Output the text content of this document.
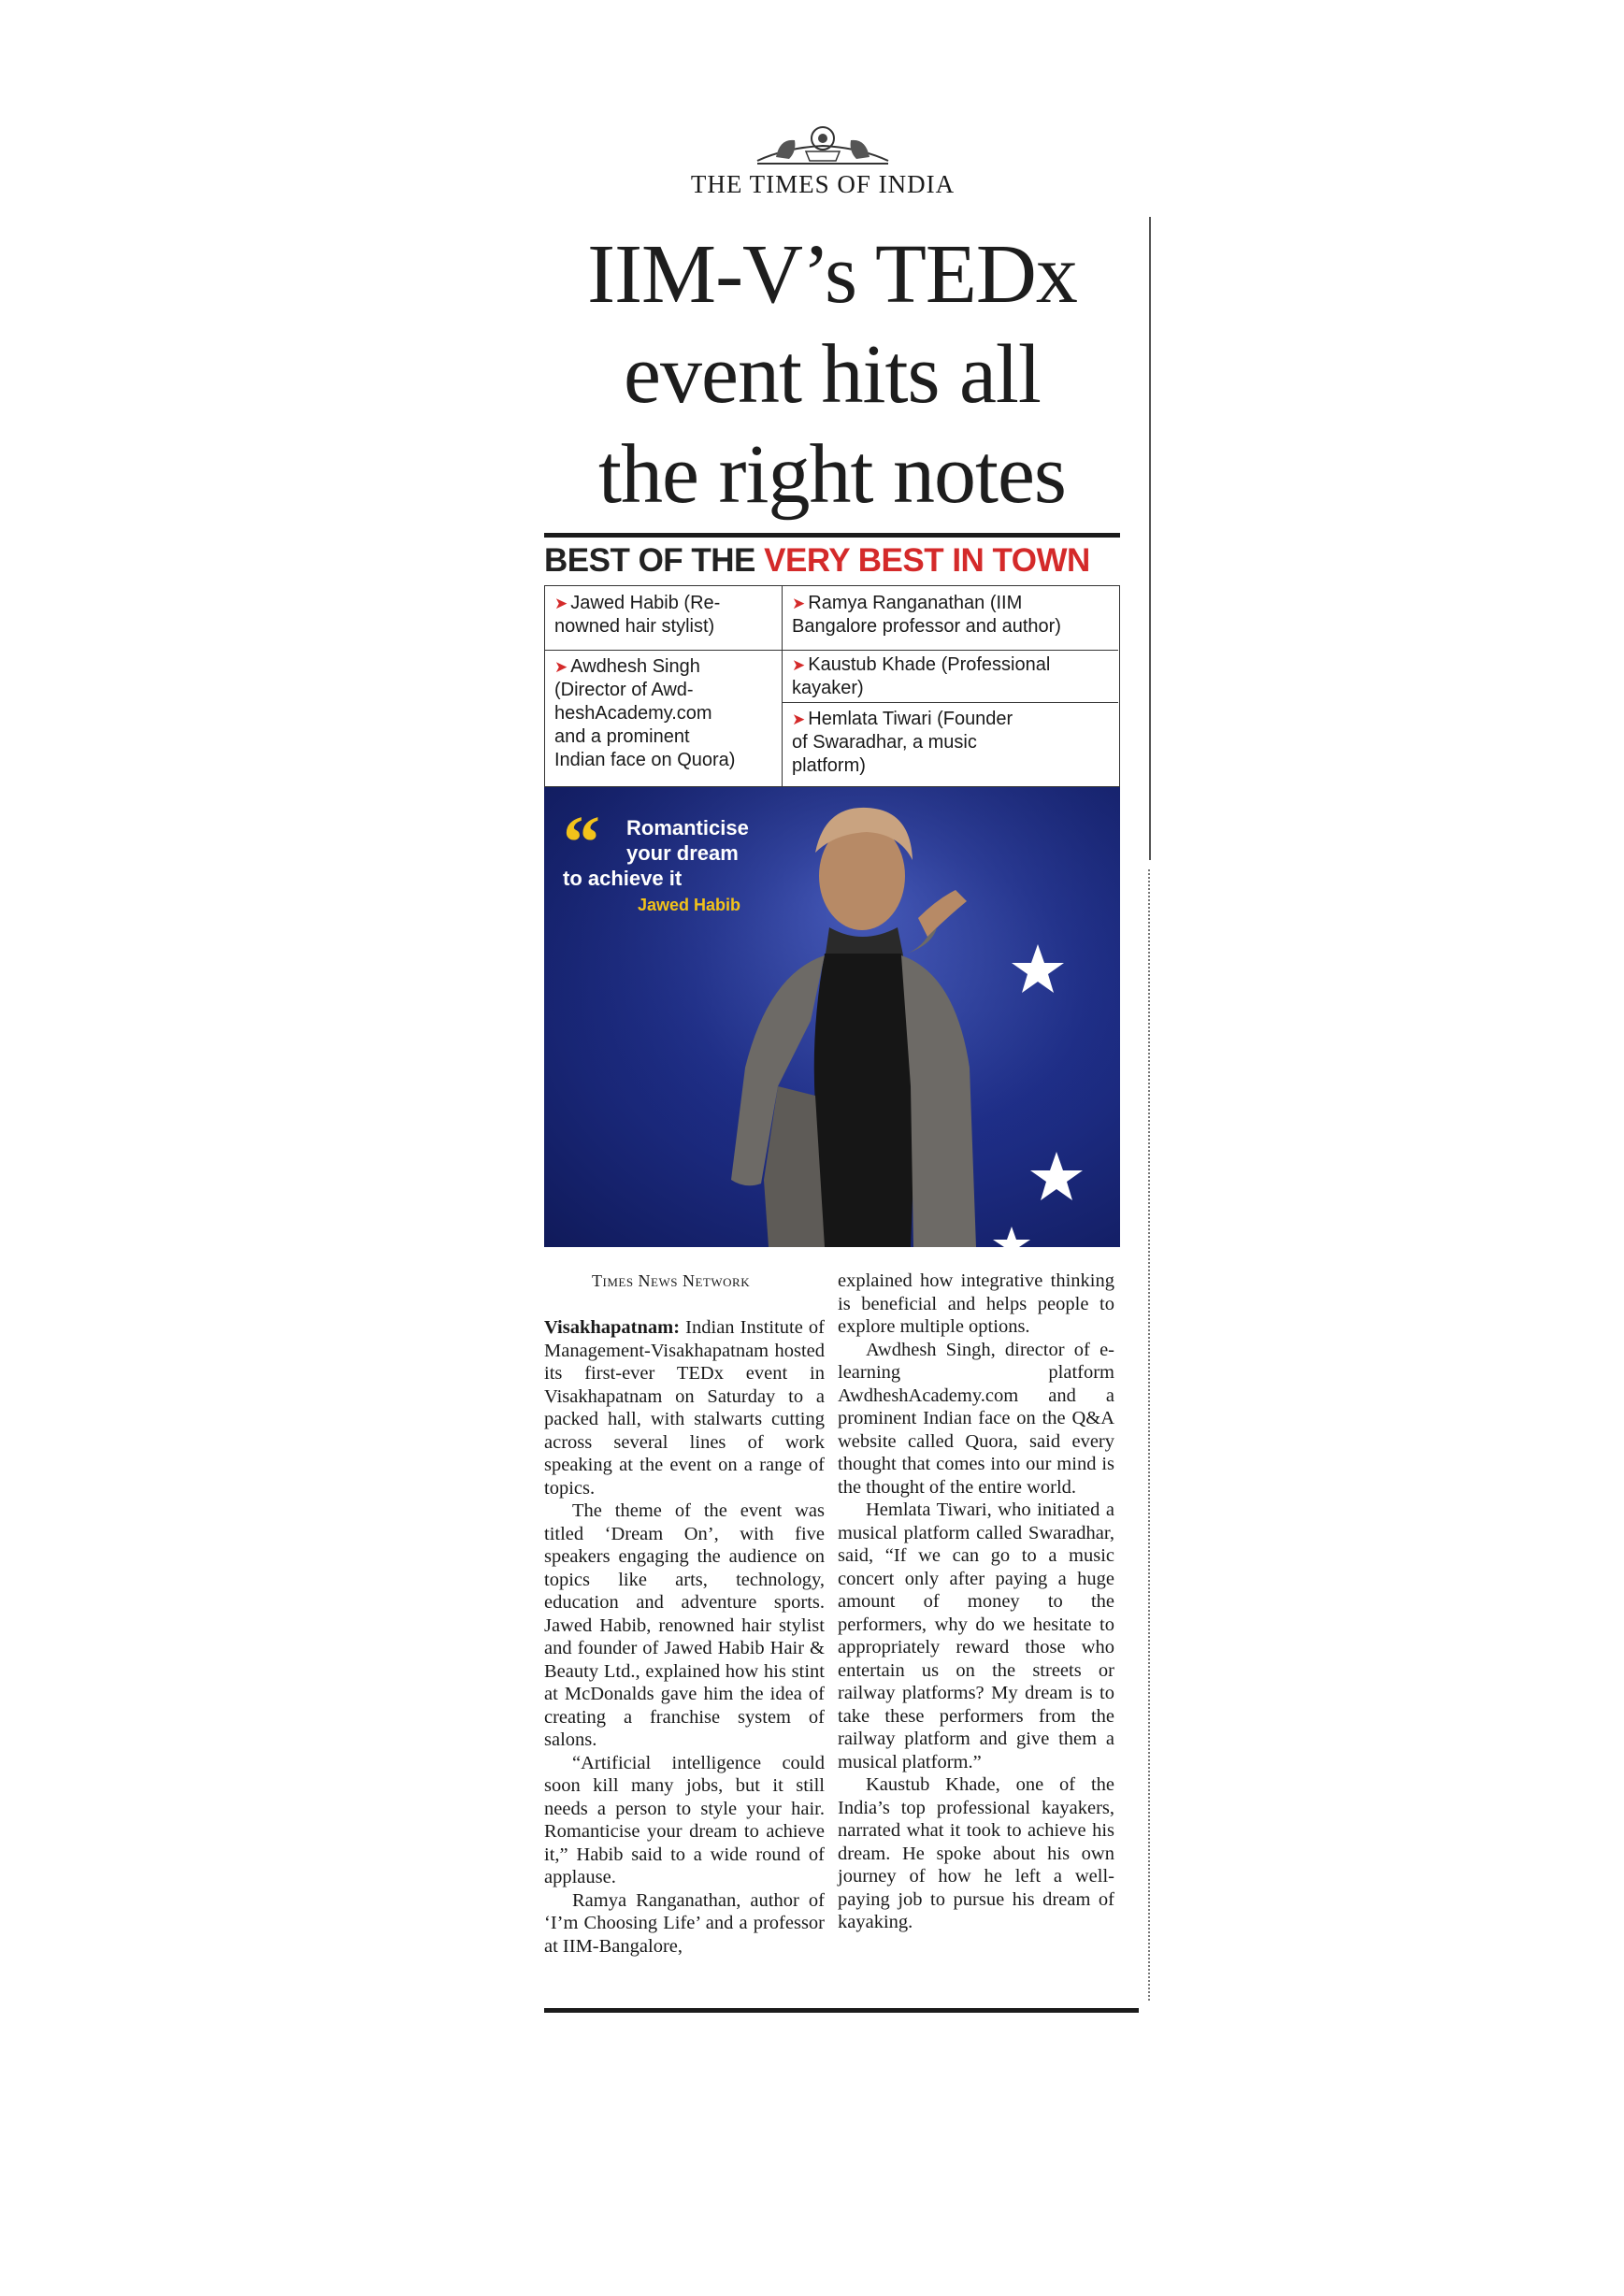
THE TIMES OF INDIA
IIM-V’s TEDx
event hits all
the right notes
BEST OF THE VERY BEST IN TOWN
➤ Jawed Habib (Re-
nowned hair stylist)
➤ Awdhesh Singh
(Director of Awd-
heshAcademy.com
and a prominent
Indian face on Quora)
➤ Ramya Ranganathan (IIM
Bangalore professor and author)
➤ Kaustub Khade (Professional
kayaker)
➤ Hemlata Tiwari (Founder
of Swaradhar, a music
platform)
“	Romanticise
your dream
to achieve it
Jawed Habib
Times News Network

Visakhapatnam: Indian Institute of Management-Visakhapatnam hosted its first-ever TEDx event in Visakhapatnam on Saturday to a packed hall, with stalwarts cutting across several lines of work speaking at the event on a range of topics.

The theme of the event was titled ‘Dream On’, with five speakers engaging the audience on topics like arts, technology, education and adventure sports. Jawed Habib, renowned hair stylist and founder of Jawed Habib Hair & Beauty Ltd., explained how his stint at McDonalds gave him the idea of creating a franchise system of salons.

“Artificial intelligence could soon kill many jobs, but it still needs a person to style your hair. Romanticise your dream to achieve it,” Habib said to a wide round of applause.

Ramya Ranganathan, author of ‘I’m Choosing Life’ and a professor at IIM-Bangalore,

explained how integrative thinking is beneficial and helps people to explore multiple options.

Awdhesh Singh, director of e-learning platform AwdheshAcademy.com and a prominent Indian face on the Q&A website called Quora, said every thought that comes into our mind is the thought of the entire world.

Hemlata Tiwari, who initiated a musical platform called Swaradhar, said, “If we can go to a music concert only after paying a huge amount of money to the performers, why do we hesitate to appropriately reward those who entertain us on the streets or railway platforms? My dream is to take these performers from the railway platform and give them a musical platform.”

Kaustub Khade, one of the India’s top professional kayakers, narrated what it took to achieve his dream. He spoke about his own journey of how he left a well-paying job to pursue his dream of kayaking.
